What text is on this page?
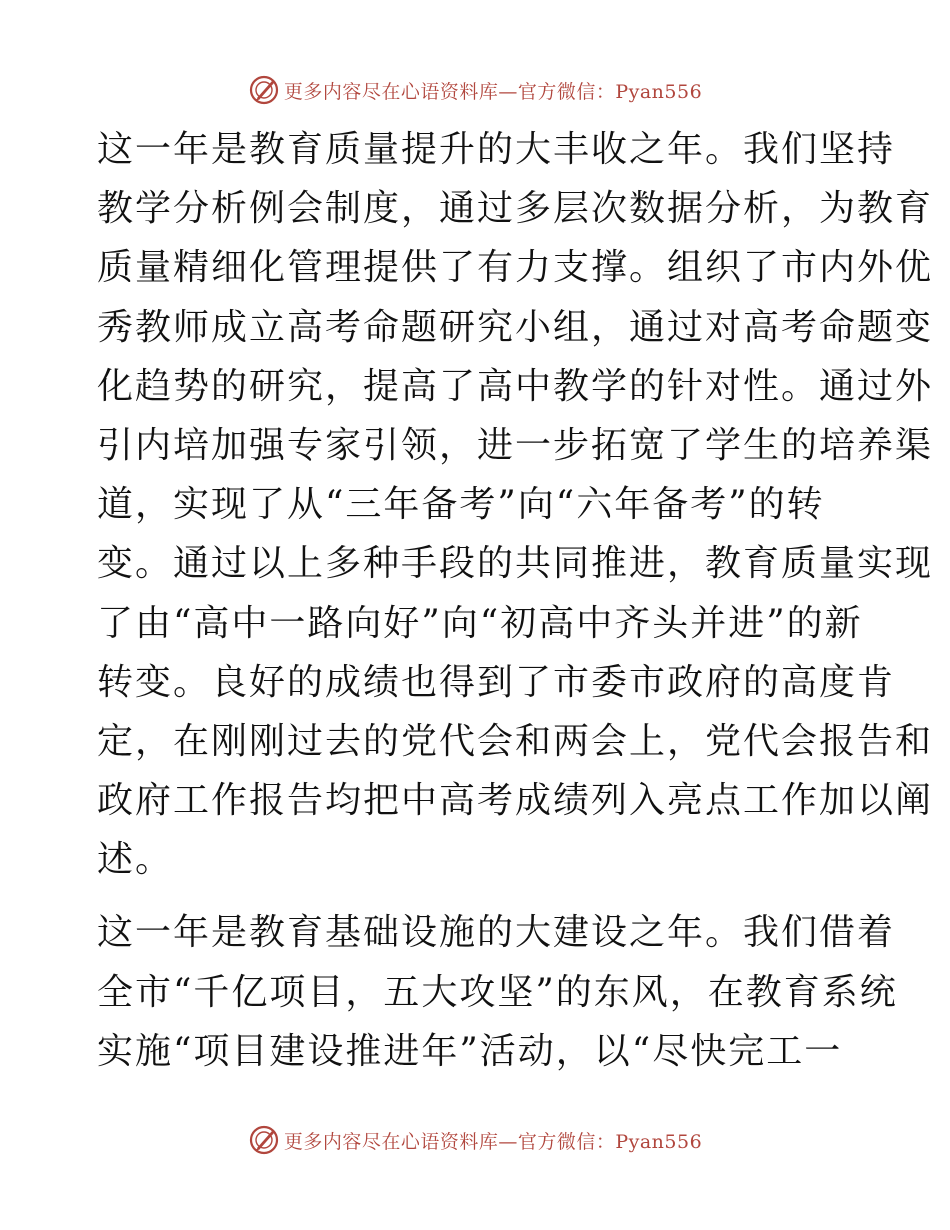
更多内容尽在心语资料库—官方微信：Pyan556
这一年是教育质量提升的大丰收之年。我们坚持
教学分析例会制度，通过多层次数据分析，为教育
质量精细化管理提供了有力支撑。组织了市内外优
秀教师成立高考命题研究小组，通过对高考命题变
化趋势的研究，提高了高中教学的针对性。通过外
引内培加强专家引领，进一步拓宽了学生的培养渠
道，实现了从“三年备考”向“六年备考”的转
变。通过以上多种手段的共同推进，教育质量实现
了由“高中一路向好”向“初高中齐头并进”的新
转变。良好的成绩也得到了市委市政府的高度肯
定，在刚刚过去的党代会和两会上，党代会报告和
政府工作报告均把中高考成绩列入亮点工作加以阐
述。
这一年是教育基础设施的大建设之年。我们借着
全市“千亿项目，五大攻坚”的东风，在教育系统
实施“项目建设推进年”活动，以“尽快完工一
更多内容尽在心语资料库—官方微信：Pyan556
